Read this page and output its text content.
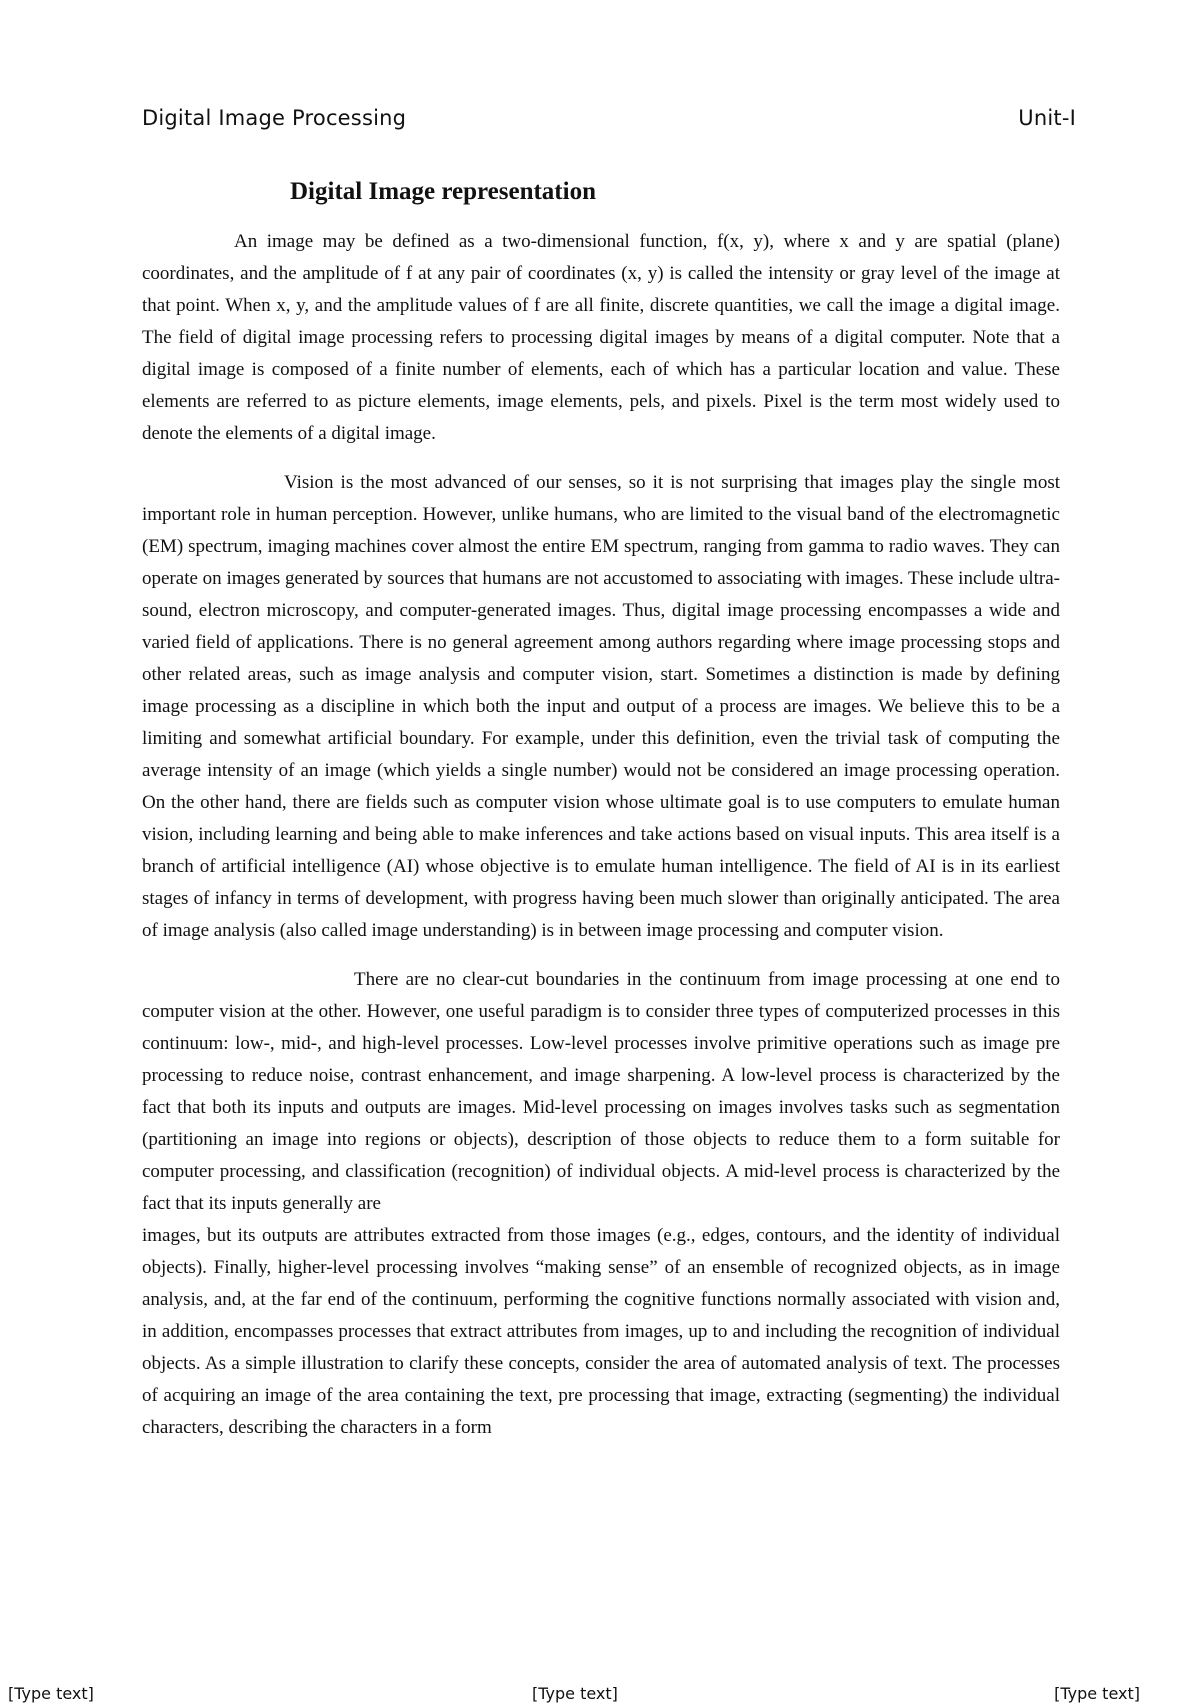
Digital Image Processing	Unit-I
Digital Image representation

An image may be defined as a two-dimensional function, f(x, y), where x and y are spatial (plane) coordinates, and the amplitude of f at any pair of coordinates (x, y) is called the intensity or gray level of the image at that point. When x, y, and the amplitude values of f are all finite, discrete quantities, we call the image a digital image. The field of digital image processing refers to processing digital images by means of a digital computer. Note that a digital image is composed of a finite number of elements, each of which has a particular location and value. These elements are referred to as picture elements, image elements, pels, and pixels. Pixel is the term most widely used to denote the elements of a digital image.

Vision is the most advanced of our senses, so it is not surprising that images play the single most important role in human perception. However, unlike humans, who are limited to the visual band of the electromagnetic (EM) spectrum, imaging machines cover almost the entire EM spectrum, ranging from gamma to radio waves. They can operate on images generated by sources that humans are not accustomed to associating with images. These include ultra-sound, electron microscopy, and computer-generated images. Thus, digital image processing encompasses a wide and varied field of applications. There is no general agreement among authors regarding where image processing stops and other related areas, such as image analysis and computer vision, start. Sometimes a distinction is made by defining image processing as a discipline in which both the input and output of a process are images. We believe this to be a limiting and somewhat artificial boundary. For example, under this definition, even the trivial task of computing the average intensity of an image (which yields a single number) would not be considered an image processing operation. On the other hand, there are fields such as computer vision whose ultimate goal is to use computers to emulate human vision, including learning and being able to make inferences and take actions based on visual inputs. This area itself is a branch of artificial intelligence (AI) whose objective is to emulate human intelligence. The field of AI is in its earliest stages of infancy in terms of development, with progress having been much slower than originally anticipated. The area of image analysis (also called image understanding) is in between image processing and computer vision.

There are no clear-cut boundaries in the continuum from image processing at one end to computer vision at the other. However, one useful paradigm is to consider three types of computerized processes in this continuum: low-, mid-, and high-level processes. Low-level processes involve primitive operations such as image pre processing to reduce noise, contrast enhancement, and image sharpening. A low-level process is characterized by the fact that both its inputs and outputs are images. Mid-level processing on images involves tasks such as segmentation (partitioning an image into regions or objects), description of those objects to reduce them to a form suitable for computer processing, and classification (recognition) of individual objects. A mid-level process is characterized by the fact that its inputs generally are

images, but its outputs are attributes extracted from those images (e.g., edges, contours, and the identity of individual objects). Finally, higher-level processing involves “making sense” of an ensemble of recognized objects, as in image analysis, and, at the far end of the continuum, performing the cognitive functions normally associated with vision and, in addition, encompasses processes that extract attributes from images, up to and including the recognition of individual objects. As a simple illustration to clarify these concepts, consider the area of automated analysis of text. The processes of acquiring an image of the area containing the text, pre processing that image, extracting (segmenting) the individual characters, describing the characters in a form

[Type text]	[Type text]	[Type text]
